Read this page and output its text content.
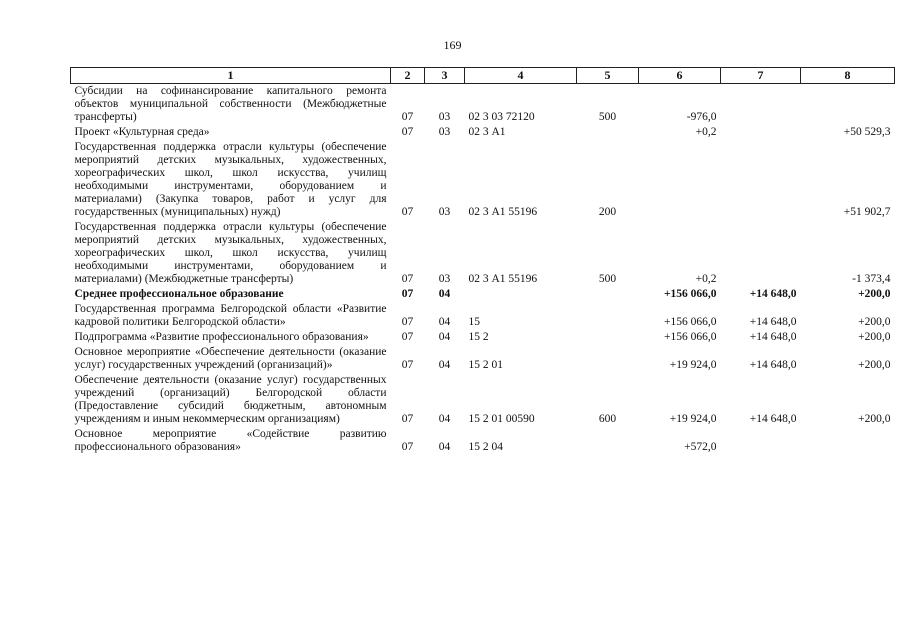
169
1	2	3	4	5	6	7	8
Субсидии на софинансирование капитального ремонта объектов муниципальной собственности (Межбюджетные трансферты)	07	03	02 3 03 72120	500	-976,0		
Проект «Культурная среда»	07	03	02 3 А1		+0,2		+50 529,3
Государственная поддержка отрасли культуры (обеспечение мероприятий детских музыкальных, художественных, хореографических школ, школ искусства, училищ необходимыми инструментами, оборудованием и материалами) (Закупка товаров, работ и услуг для государственных (муниципальных) нужд)	07	03	02 3 А1 55196	200			+51 902,7
Государственная поддержка отрасли культуры (обеспечение мероприятий детских музыкальных, художественных, хореографических школ, школ искусства, училищ необходимыми инструментами, оборудованием и материалами) (Межбюджетные трансферты)	07	03	02 3 А1 55196	500	+0,2		-1 373,4
Среднее профессиональное образование	07	04			+156 066,0	+14 648,0	+200,0
Государственная программа Белгородской области «Развитие кадровой политики Белгородской области»	07	04	15		+156 066,0	+14 648,0	+200,0
Подпрограмма «Развитие профессионального образования»	07	04	15 2		+156 066,0	+14 648,0	+200,0
Основное мероприятие «Обеспечение деятельности (оказание услуг) государственных учреждений (организаций)»	07	04	15 2 01		+19 924,0	+14 648,0	+200,0
Обеспечение деятельности (оказание услуг) государственных учреждений (организаций) Белгородской области (Предоставление субсидий бюджетным, автономным учреждениям и иным некоммерческим организациям)	07	04	15 2 01 00590	600	+19 924,0	+14 648,0	+200,0
Основное мероприятие «Содействие развитию профессионального образования»	07	04	15 2 04		+572,0		
